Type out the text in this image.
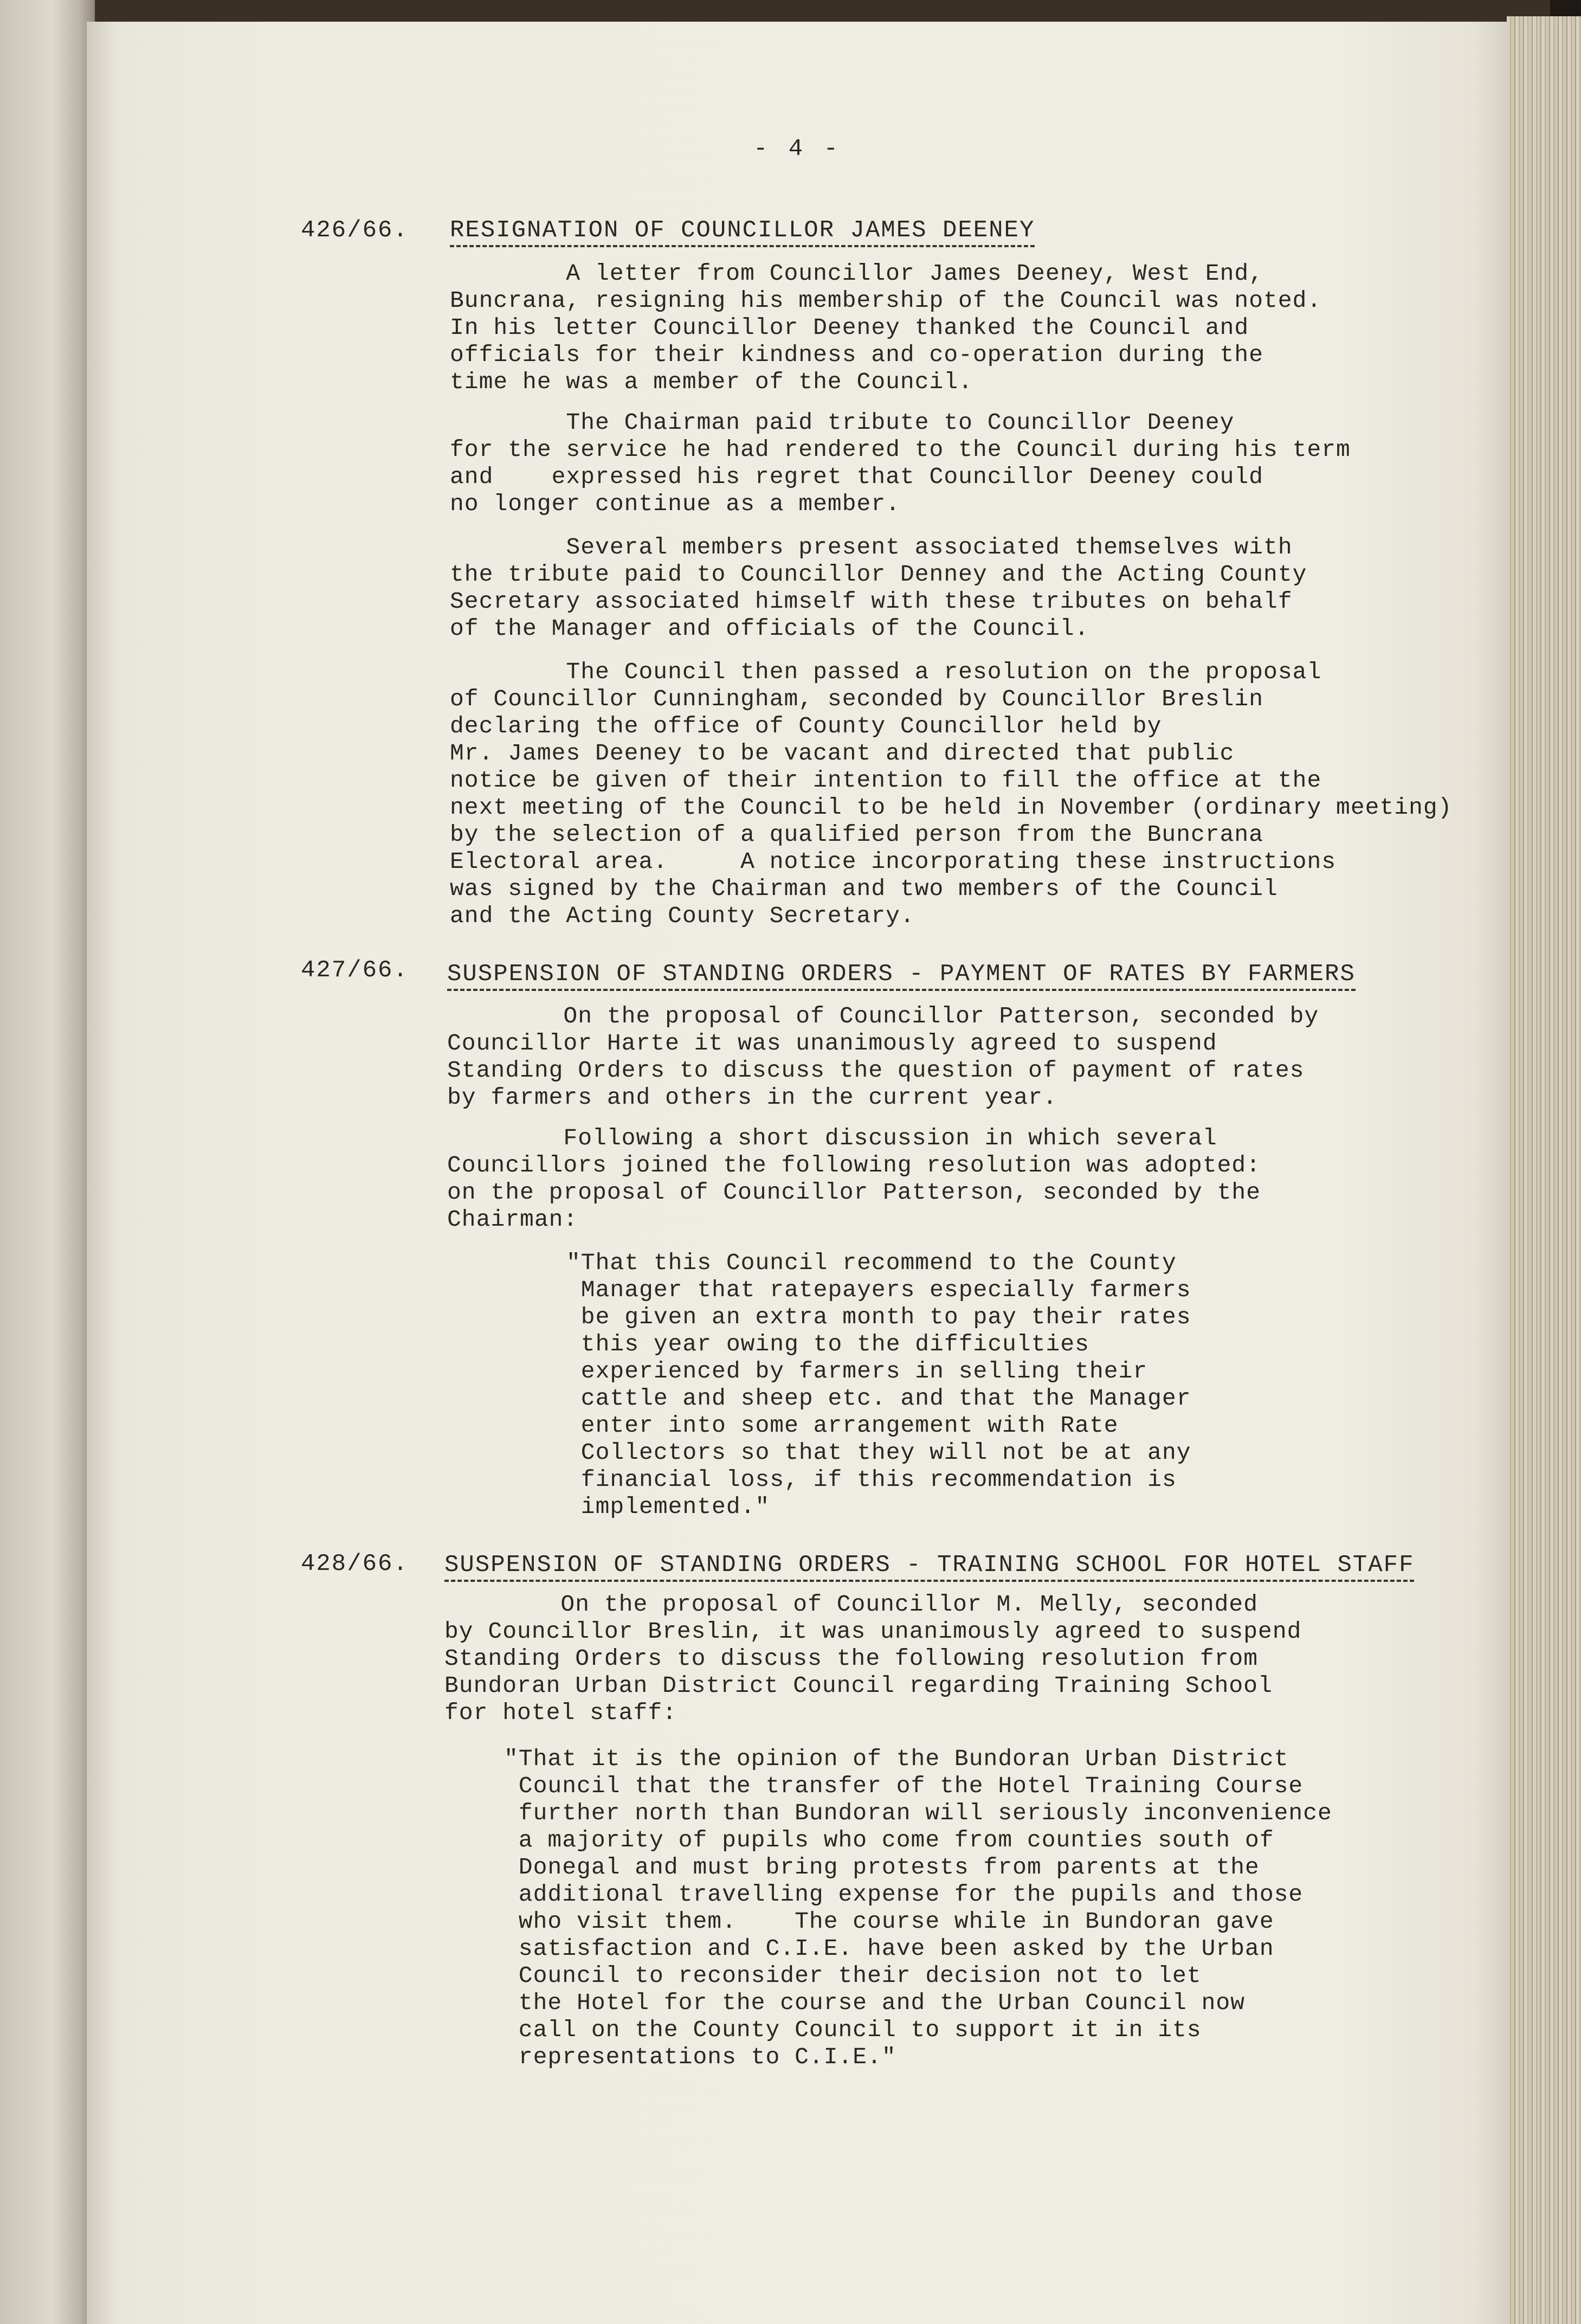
- 4 -
426/66. RESIGNATION OF COUNCILLOR JAMES DEENEY
A letter from Councillor James Deeney, West End,
Buncrana, resigning his membership of the Council was noted.
In his letter Councillor Deeney thanked the Council and
officials for their kindness and co-operation during the
time he was a member of the Council.
The Chairman paid tribute to Councillor Deeney
for the service he had rendered to the Council during his term
and    expressed his regret that Councillor Deeney could
no longer continue as a member.
Several members present associated themselves with
the tribute paid to Councillor Denney and the Acting County
Secretary associated himself with these tributes on behalf
of the Manager and officials of the Council.
The Council then passed a resolution on the proposal
of Councillor Cunningham, seconded by Councillor Breslin
declaring the office of County Councillor held by
Mr. James Deeney to be vacant and directed that public
notice be given of their intention to fill the office at the
next meeting of the Council to be held in November (ordinary meeting)
by the selection of a qualified person from the Buncrana
Electoral area.     A notice incorporating these instructions
was signed by the Chairman and two members of the Council
and the Acting County Secretary.
427/66. SUSPENSION OF STANDING ORDERS - PAYMENT OF RATES BY FARMERS
On the proposal of Councillor Patterson, seconded by
Councillor Harte it was unanimously agreed to suspend
Standing Orders to discuss the question of payment of rates
by farmers and others in the current year.
Following a short discussion in which several
Councillors joined the following resolution was adopted:
on the proposal of Councillor Patterson, seconded by the
Chairman:
"That this Council recommend to the County
Manager that ratepayers especially farmers
be given an extra month to pay their rates
this year owing to the difficulties
experienced by farmers in selling their
cattle and sheep etc. and that the Manager
enter into some arrangement with Rate
Collectors so that they will not be at any
financial loss, if this recommendation is
implemented."
428/66. SUSPENSION OF STANDING ORDERS - TRAINING SCHOOL FOR HOTEL STAFF
On the proposal of Councillor M. Melly, seconded
by Councillor Breslin, it was unanimously agreed to suspend
Standing Orders to discuss the following resolution from
Bundoran Urban District Council regarding Training School
for hotel staff:
"That it is the opinion of the Bundoran Urban District
Council that the transfer of the Hotel Training Course
further north than Bundoran will seriously inconvenience
a majority of pupils who come from counties south of
Donegal and must bring protests from parents at the
additional travelling expense for the pupils and those
who visit them.    The course while in Bundoran gave
satisfaction and C.I.E. have been asked by the Urban
Council to reconsider their decision not to let
the Hotel for the course and the Urban Council now
call on the County Council to support it in its
representations to C.I.E."
